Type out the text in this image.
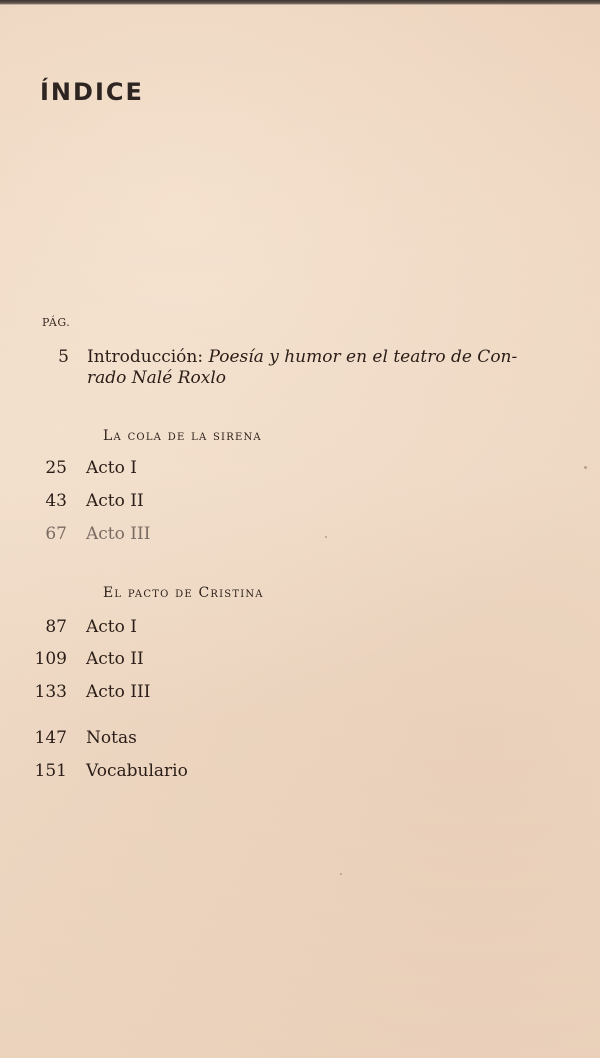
ÍNDICE
PÁG.
5 Introducción: Poesía y humor en el teatro de Con-
rado Nalé Roxlo
La cola de la sirena
25 Acto I
43 Acto II
67 Acto III
El pacto de Cristina
87 Acto I
109 Acto II
133 Acto III
147 Notas
151 Vocabulario
